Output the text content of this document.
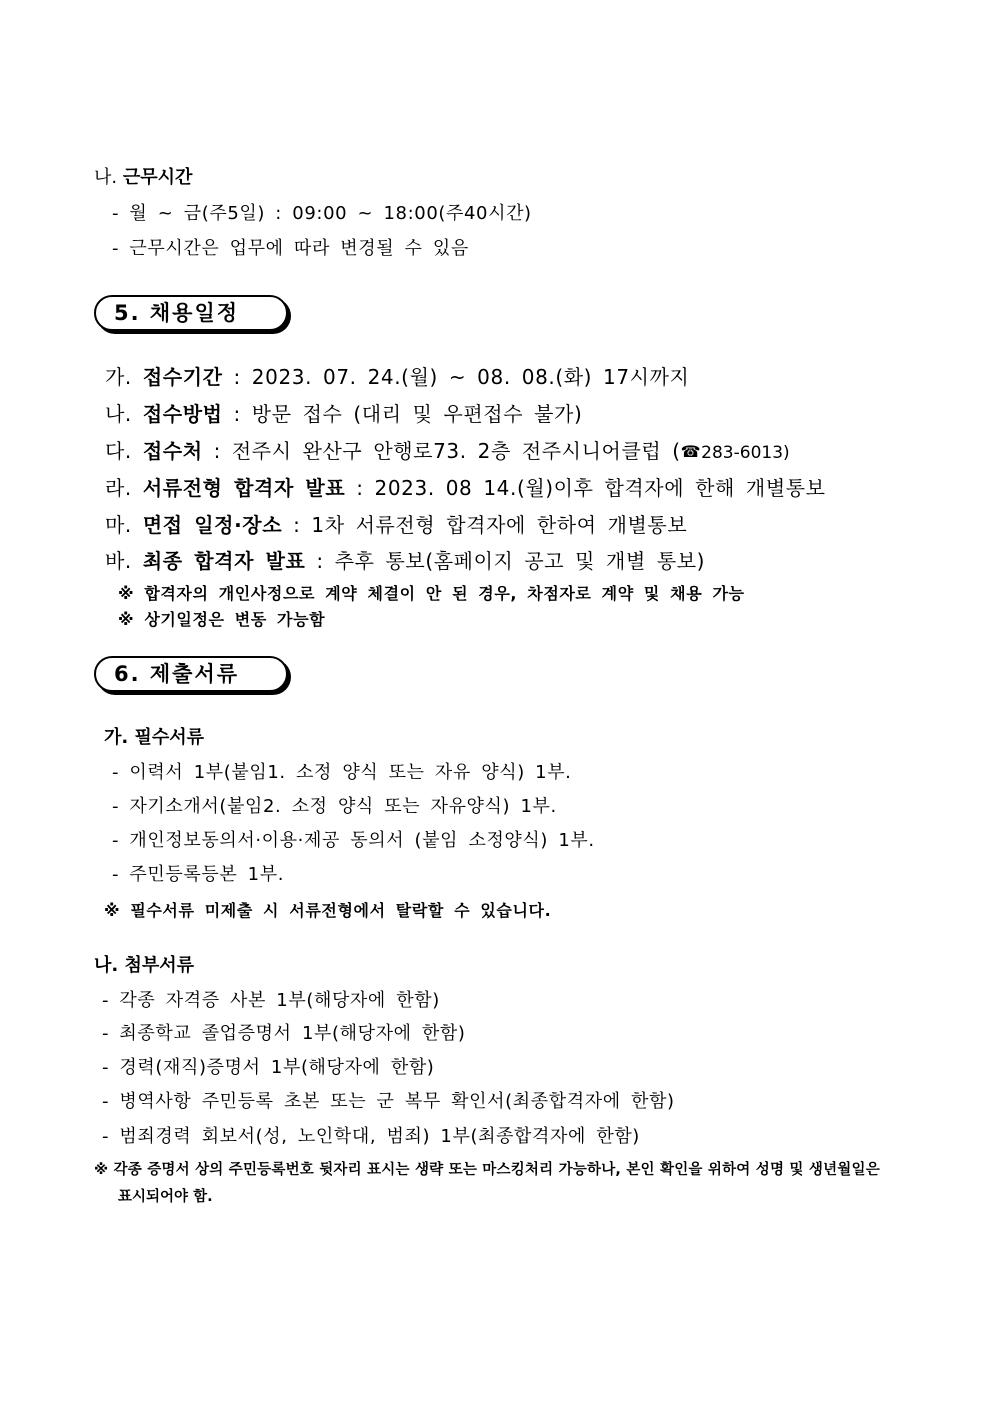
나. 근무시간
- 월 ~ 금(주5일) : 09:00 ~ 18:00(주40시간)
- 근무시간은 업무에 따라 변경될 수 있음
5. 채용일정
가. 접수기간 : 2023. 07. 24.(월) ~ 08. 08.(화) 17시까지
나. 접수방법 : 방문 접수 (대리 및 우편접수 불가)
다. 접수처 : 전주시 완산구 안행로73. 2층 전주시니어클럽 (☎283-6013)
라. 서류전형 합격자 발표 : 2023. 08 14.(월)이후 합격자에 한해 개별통보
마. 면접 일정·장소 : 1차 서류전형 합격자에 한하여 개별통보
바. 최종 합격자 발표 : 추후 통보(홈페이지 공고 및 개별 통보)
※ 합격자의 개인사정으로 계약 체결이 안 된 경우, 차점자로 계약 및 채용 가능
※ 상기일정은 변동 가능함
6. 제출서류
가. 필수서류
- 이력서 1부(붙임1. 소정 양식 또는 자유 양식) 1부.
- 자기소개서(붙임2. 소정 양식 또는 자유양식) 1부.
- 개인정보동의서·이용·제공 동의서 (붙임 소정양식) 1부.
- 주민등록등본 1부.
※ 필수서류 미제출 시 서류전형에서 탈락할 수 있습니다.
나. 첨부서류
- 각종 자격증 사본 1부(해당자에 한함)
- 최종학교 졸업증명서 1부(해당자에 한함)
- 경력(재직)증명서 1부(해당자에 한함)
- 병역사항 주민등록 초본 또는 군 복무 확인서(최종합격자에 한함)
- 범죄경력 회보서(성, 노인학대, 범죄) 1부(최종합격자에 한함)
※ 각종 증명서 상의 주민등록번호 뒷자리 표시는 생략 또는 마스킹처리 가능하나, 본인 확인을 위하여 성명 및 생년월일은
표시되어야 함.
